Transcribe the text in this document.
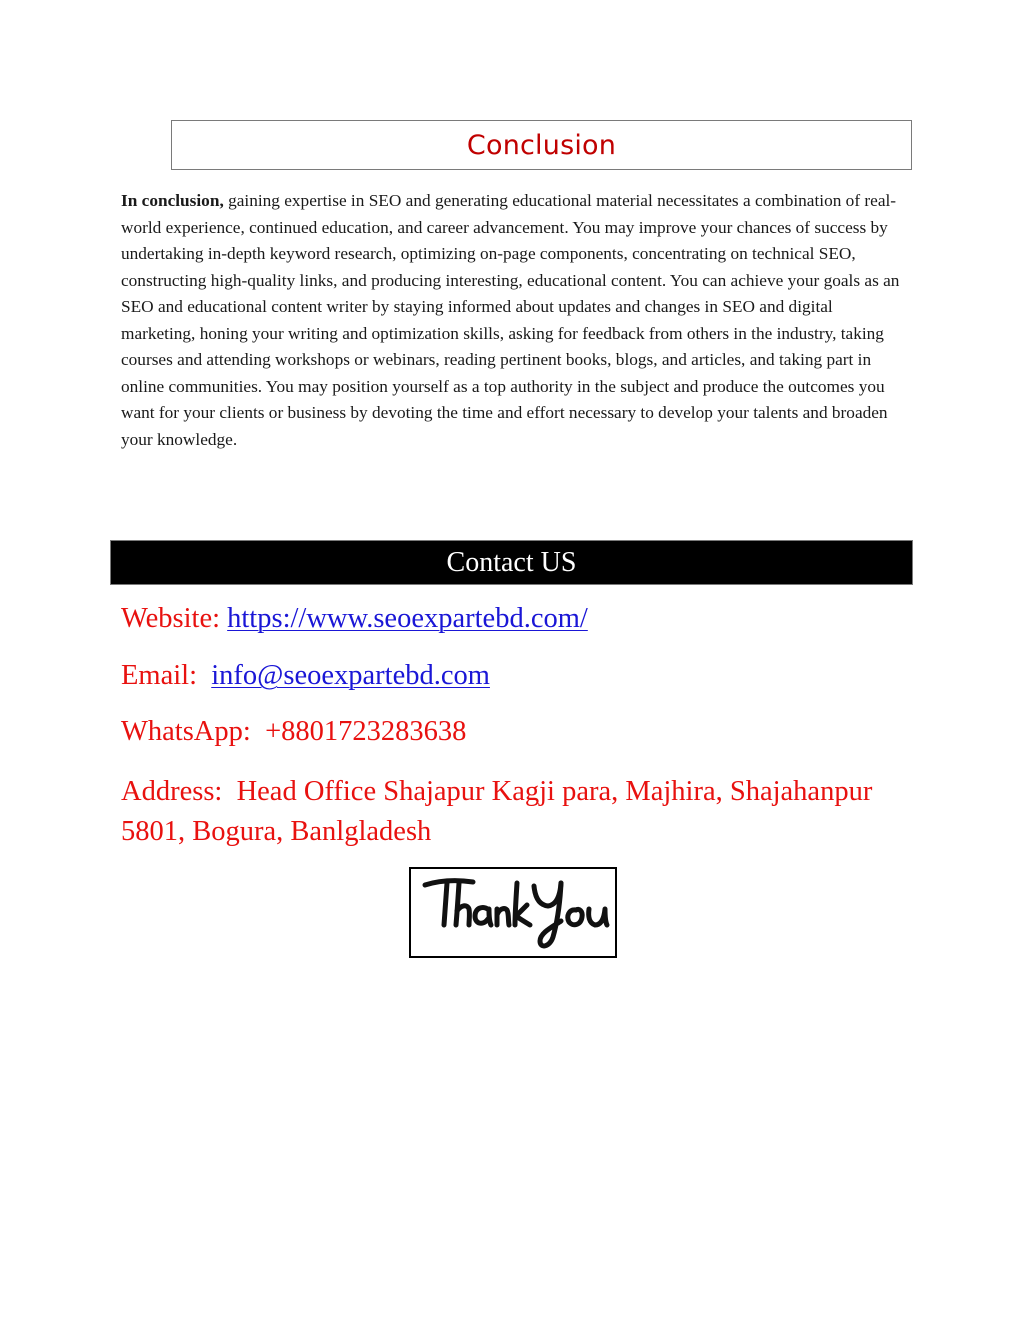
Conclusion

In conclusion, gaining expertise in SEO and generating educational material necessitates a combination of real-world experience, continued education, and career advancement. You may improve your chances of success by undertaking in-depth keyword research, optimizing on-page components, concentrating on technical SEO, constructing high-quality links, and producing interesting, educational content. You can achieve your goals as an SEO and educational content writer by staying informed about updates and changes in SEO and digital marketing, honing your writing and optimization skills, asking for feedback from others in the industry, taking courses and attending workshops or webinars, reading pertinent books, blogs, and articles, and taking part in online communities. You may position yourself as a top authority in the subject and produce the outcomes you want for your clients or business by devoting the time and effort necessary to develop your talents and broaden your knowledge.

Contact US
Website: https://www.seoexpartebd.com/
Email:  info@seoexpartebd.com
WhatsApp:  +8801723283638
Address:  Head Office Shajapur Kagji para, Majhira, Shajahanpur 5801, Bogura, Banlgladesh
ThankYou
